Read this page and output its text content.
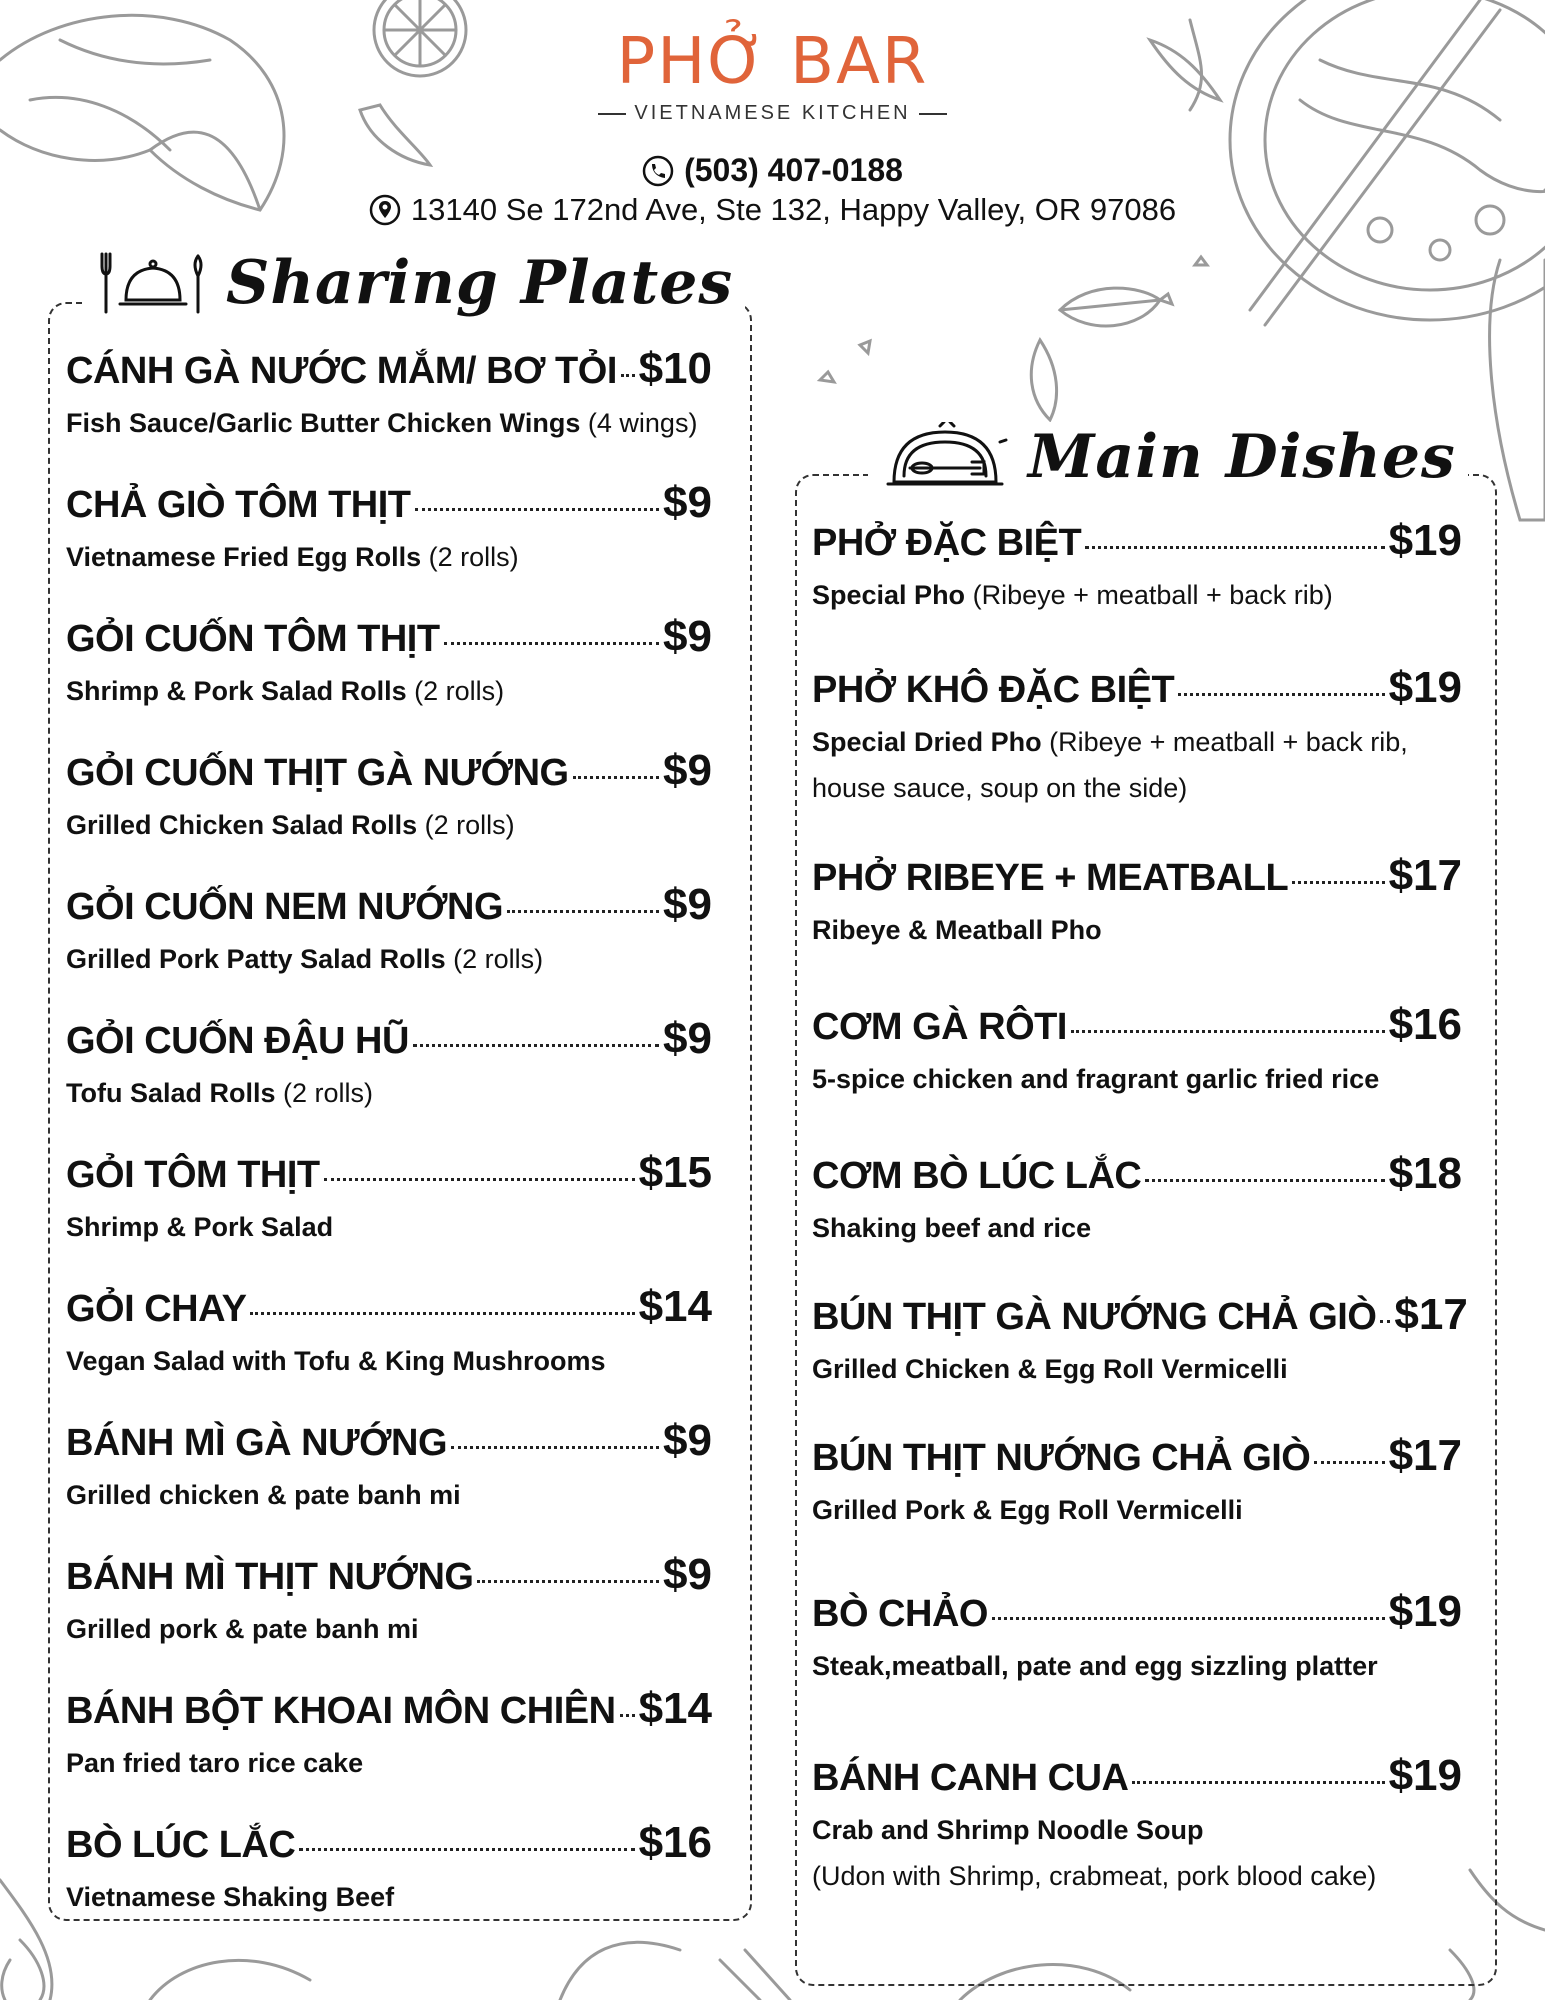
PHỞ BAR
VIETNAMESE KITCHEN
(503) 407-0188
13140 Se 172nd Ave, Ste 132, Happy Valley, OR 97086
Sharing Plates
CÁNH GÀ NƯỚC MẮM/ BƠ TỎI $10
Fish Sauce/Garlic Butter Chicken Wings (4 wings)
CHẢ GIÒ TÔM THỊT	$9
Vietnamese Fried Egg Rolls (2 rolls)
GỎI CUỐN TÔM THỊT	$9
Shrimp & Pork Salad Rolls (2 rolls)
GỎI CUỐN THỊT GÀ NƯỚNG $9
Grilled Chicken Salad Rolls (2 rolls)
GỎI CUỐN NEM NƯỚNG	$9
Grilled Pork Patty Salad Rolls (2 rolls)
GỎI CUỐN ĐẬU HŨ	$9
Tofu Salad Rolls (2 rolls)
GỎI TÔM THỊT	$15
Shrimp & Pork Salad
GỎI CHAY	$14
Vegan Salad with Tofu & King Mushrooms
BÁNH MÌ GÀ NƯỚNG	$9
Grilled chicken & pate banh mi
BÁNH MÌ THỊT NƯỚNG	$9
Grilled pork & pate banh mi
BÁNH BỘT KHOAI MÔN CHIÊN $14
Pan fried taro rice cake
BÒ LÚC LẮC	$16
Vietnamese Shaking Beef
Main Dishes
PHỞ ĐẶC BIỆT	$19
Special Pho (Ribeye + meatball + back rib)
PHỞ KHÔ ĐẶC BIỆT	$19
Special Dried Pho (Ribeye + meatball + back rib,
house sauce, soup on the side)
PHỞ RIBEYE + MEATBALL $17
Ribeye & Meatball Pho
CƠM GÀ RÔTI	$16
5-spice chicken and fragrant garlic fried rice
CƠM BÒ LÚC LẮC	$18
Shaking beef and rice
BÚN THỊT GÀ NƯỚNG CHẢ GIÒ $17
Grilled Chicken & Egg Roll Vermicelli
BÚN THỊT NƯỚNG CHẢ GIÒ $17
Grilled Pork & Egg Roll Vermicelli
BÒ CHẢO	$19
Steak,meatball, pate and egg sizzling platter
BÁNH CANH CUA	$19
Crab and Shrimp Noodle Soup
(Udon with Shrimp, crabmeat, pork blood cake)
